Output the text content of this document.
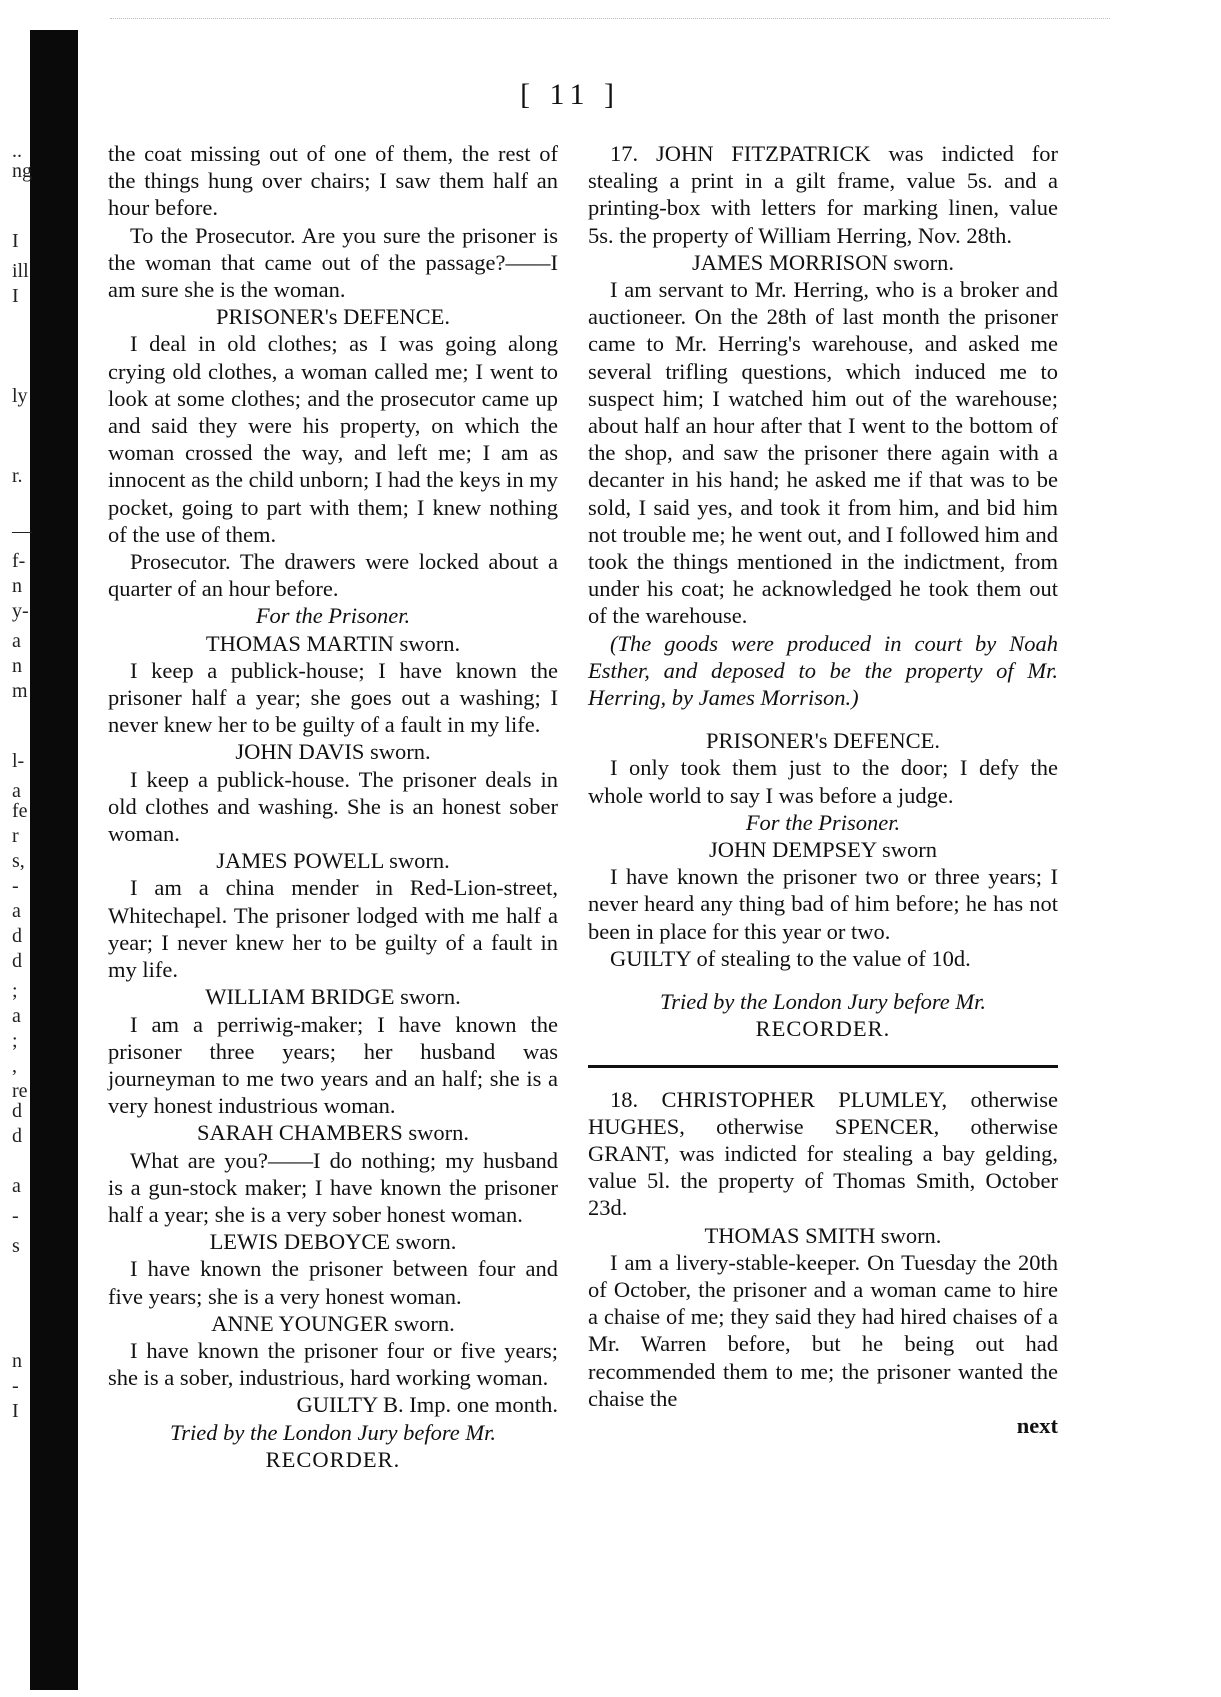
..
ng
I
ill
I
ly
r.
—
f-
n
y-
a
n
m
l-
a
fe
r
s,
-
a
d
d
;
a
;
,
re
d
d
a
-
s
n
-
I
[ 11 ]

the coat missing out of one of them, the rest of the things hung over chairs; I saw them half an hour before.

To the Prosecutor. Are you sure the prisoner is the woman that came out of the passage?——I am sure she is the woman.

PRISONER's DEFENCE.

I deal in old clothes; as I was going along crying old clothes, a woman called me; I went to look at some clothes; and the prosecutor came up and said they were his property, on which the woman crossed the way, and left me; I am as innocent as the child unborn; I had the keys in my pocket, going to part with them; I knew nothing of the use of them.

Prosecutor. The drawers were locked about a quarter of an hour before.

For the Prisoner.

THOMAS MARTIN sworn.

I keep a publick-house; I have known the prisoner half a year; she goes out a washing; I never knew her to be guilty of a fault in my life.

JOHN DAVIS sworn.

I keep a publick-house. The prisoner deals in old clothes and washing. She is an honest sober woman.

JAMES POWELL sworn.

I am a china mender in Red-Lion-street, Whitechapel. The prisoner lodged with me half a year; I never knew her to be guilty of a fault in my life.

WILLIAM BRIDGE sworn.

I am a perriwig-maker; I have known the prisoner three years; her husband was journeyman to me two years and an half; she is a very honest industrious woman.

SARAH CHAMBERS sworn.

What are you?——I do nothing; my husband is a gun-stock maker; I have known the prisoner half a year; she is a very sober honest woman.

LEWIS DEBOYCE sworn.

I have known the prisoner between four and five years; she is a very honest woman.

ANNE YOUNGER sworn.

I have known the prisoner four or five years; she is a sober, industrious, hard working woman.

GUILTY B. Imp. one month.

Tried by the London Jury before Mr.

RECORDER.

17. JOHN FITZPATRICK was indicted for stealing a print in a gilt frame, value 5s. and a printing-box with letters for marking linen, value 5s. the property of William Herring, Nov. 28th.

JAMES MORRISON sworn.

I am servant to Mr. Herring, who is a broker and auctioneer. On the 28th of last month the prisoner came to Mr. Herring's warehouse, and asked me several trifling questions, which induced me to suspect him; I watched him out of the warehouse; about half an hour after that I went to the bottom of the shop, and saw the prisoner there again with a decanter in his hand; he asked me if that was to be sold, I said yes, and took it from him, and bid him not trouble me; he went out, and I followed him and took the things mentioned in the indictment, from under his coat; he acknowledged he took them out of the warehouse.

(The goods were produced in court by Noah Esther, and deposed to be the property of Mr. Herring, by James Morrison.)

PRISONER's DEFENCE.

I only took them just to the door; I defy the whole world to say I was before a judge.

For the Prisoner.

JOHN DEMPSEY sworn

I have known the prisoner two or three years; I never heard any thing bad of him before; he has not been in place for this year or two.

GUILTY of stealing to the value of 10d.

Tried by the London Jury before Mr.

RECORDER.

18. CHRISTOPHER PLUMLEY, otherwise HUGHES, otherwise SPENCER, otherwise GRANT, was indicted for stealing a bay gelding, value 5l. the property of Thomas Smith, October 23d.

THOMAS SMITH sworn.

I am a livery-stable-keeper. On Tuesday the 20th of October, the prisoner and a woman came to hire a chaise of me; they said they had hired chaises of a Mr. Warren before, but he being out had recommended them to me; the prisoner wanted the chaise the

next
